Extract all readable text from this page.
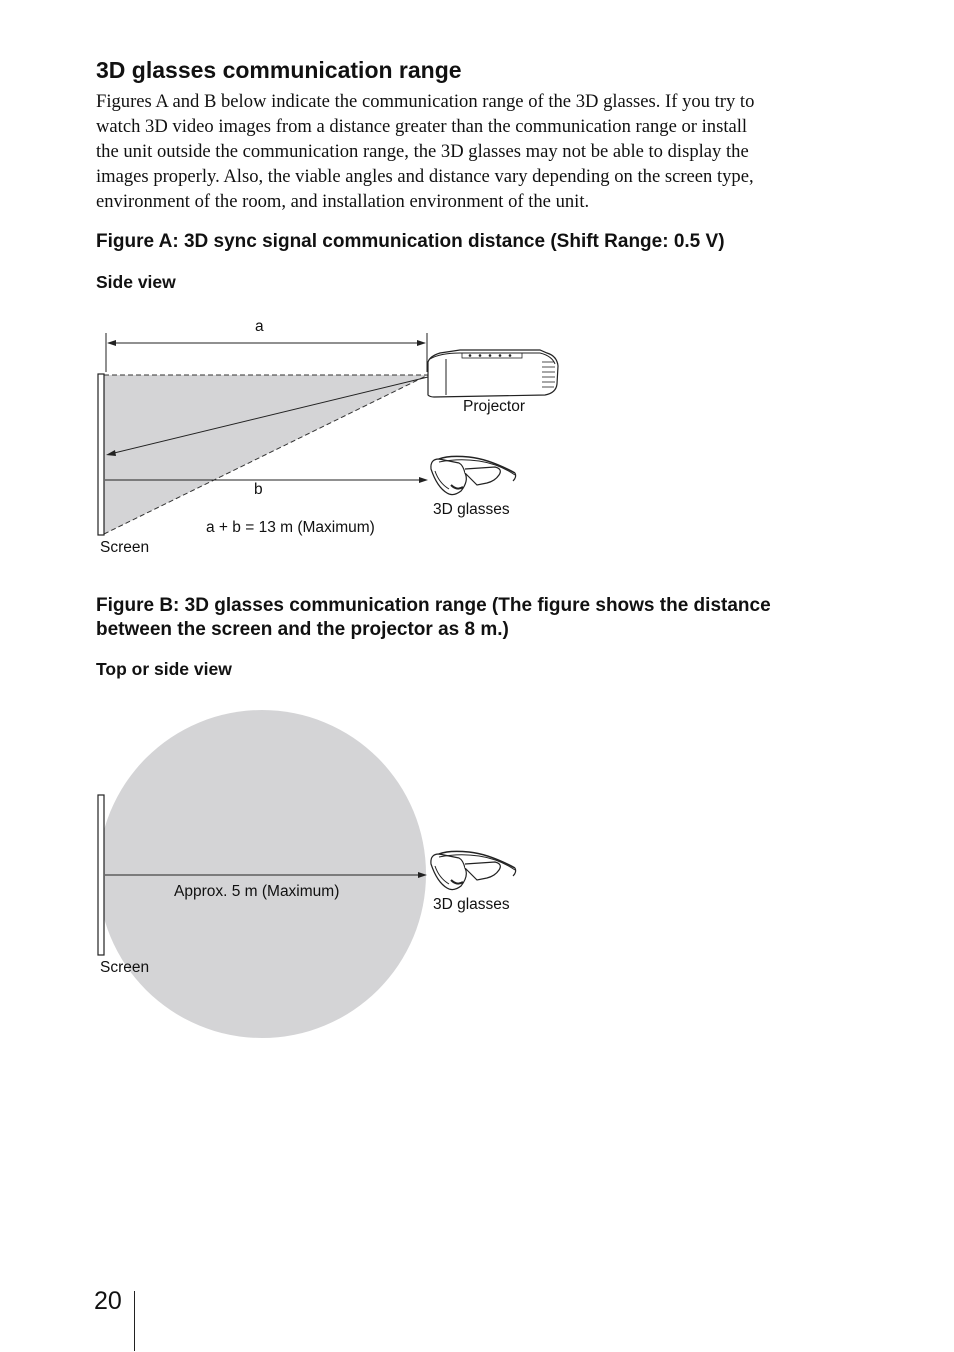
3D glasses communication range
Figures A and B below indicate the communication range of the 3D glasses. If you try to
watch 3D video images from a distance greater than the communication range or install
the unit outside the communication range, the 3D glasses may not be able to display the
images properly. Also, the viable angles and distance vary depending on the screen type,
environment of the room, and installation environment of the unit.
Figure A: 3D sync signal communication distance (Shift Range: 0.5 V)
Side view
a
Projector
b
3D glasses
a + b = 13 m (Maximum)
Screen
Figure B: 3D glasses communication range (The figure shows the distance
between the screen and the projector as 8 m.)
Top or side view
Approx. 5 m (Maximum)
3D glasses
Screen
20
